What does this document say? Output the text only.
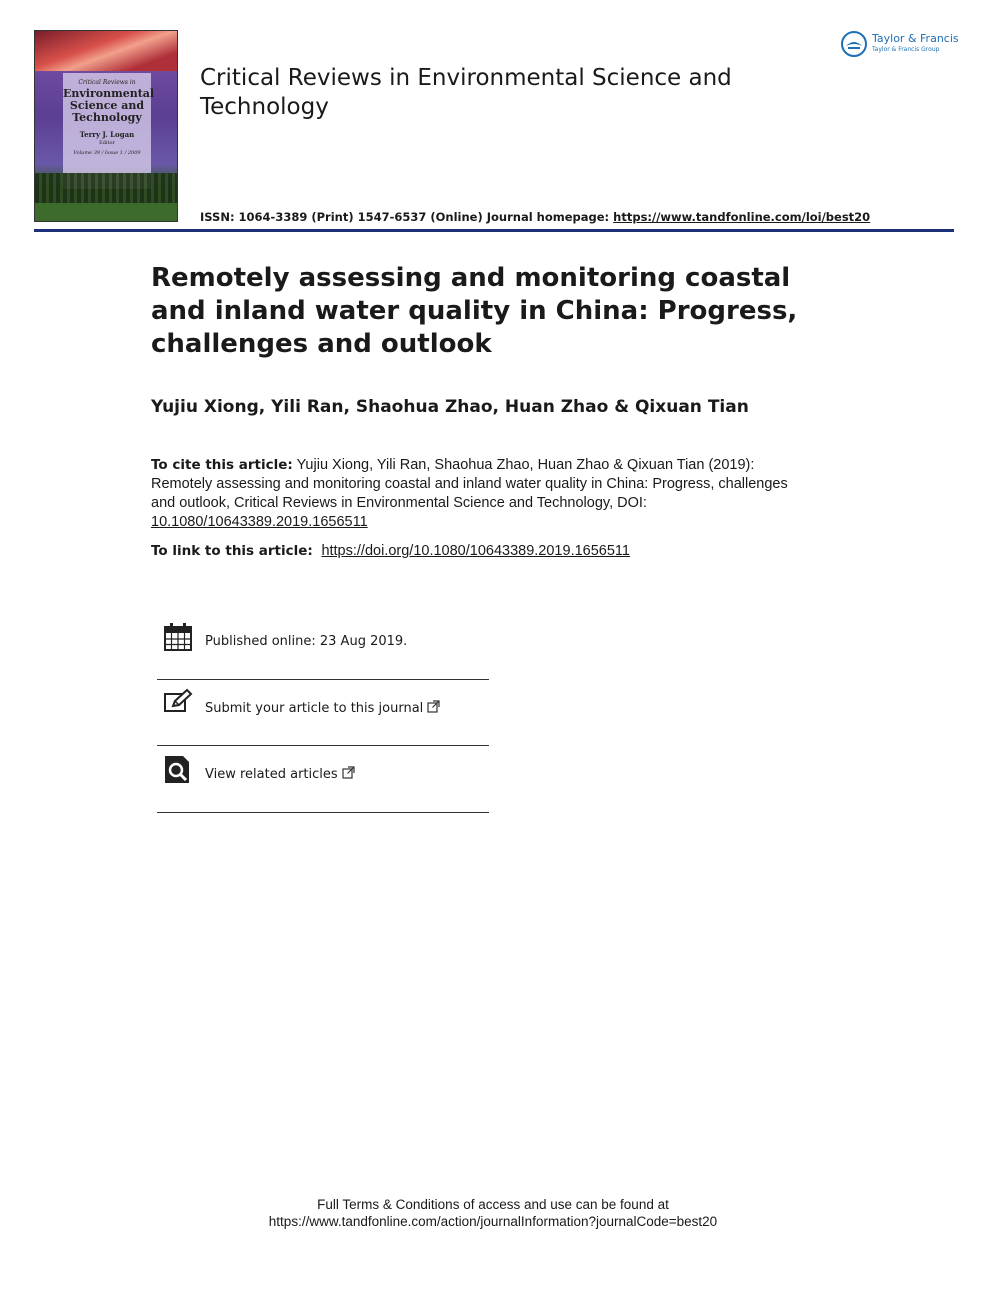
Critical Reviews in
Environmental
Science and
Technology
Terry J. Logan
Editor
Volume 39 / Issue 1 / 2009
Taylor & Francis
Taylor & Francis Group
Critical Reviews in Environmental Science and Technology
ISSN: 1064-3389 (Print) 1547-6537 (Online) Journal homepage: https://www.tandfonline.com/loi/best20
Remotely assessing and monitoring coastal and inland water quality in China: Progress, challenges and outlook
Yujiu Xiong, Yili Ran, Shaohua Zhao, Huan Zhao & Qixuan Tian
To cite this article: Yujiu Xiong, Yili Ran, Shaohua Zhao, Huan Zhao & Qixuan Tian (2019): Remotely assessing and monitoring coastal and inland water quality in China: Progress, challenges and outlook, Critical Reviews in Environmental Science and Technology, DOI: 10.1080/10643389.2019.1656511
To link to this article: https://doi.org/10.1080/10643389.2019.1656511
Published online: 23 Aug 2019.
Submit your article to this journal
View related articles
Full Terms & Conditions of access and use can be found at
https://www.tandfonline.com/action/journalInformation?journalCode=best20
